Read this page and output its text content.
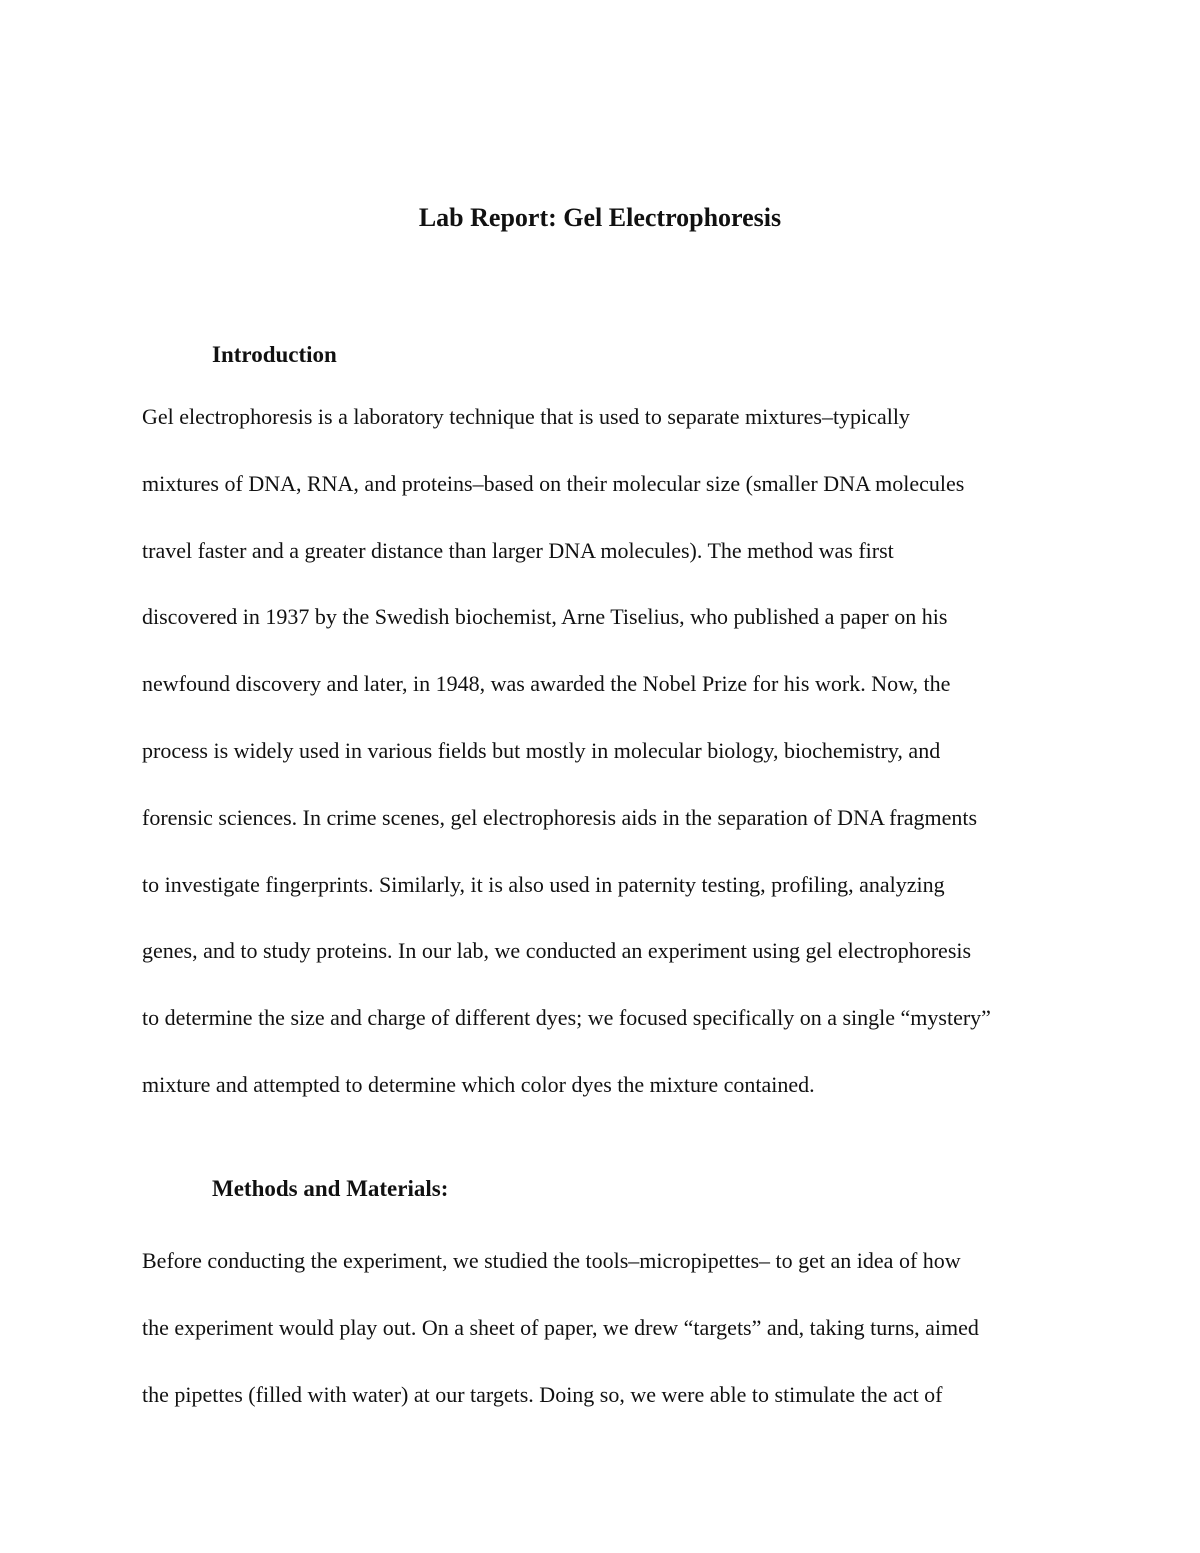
Lab Report: Gel Electrophoresis
Introduction
Gel electrophoresis is a laboratory technique that is used to separate mixtures–typically
mixtures of DNA, RNA, and proteins–based on their molecular size (smaller DNA molecules
travel faster and a greater distance than larger DNA molecules). The method was first
discovered in 1937 by the Swedish biochemist, Arne Tiselius, who published a paper on his
newfound discovery and later, in 1948, was awarded the Nobel Prize for his work. Now, the
process is widely used in various fields but mostly in molecular biology, biochemistry, and
forensic sciences. In crime scenes, gel electrophoresis aids in the separation of DNA fragments
to investigate fingerprints. Similarly, it is also used in paternity testing, profiling, analyzing
genes, and to study proteins. In our lab, we conducted an experiment using gel electrophoresis
to determine the size and charge of different dyes; we focused specifically on a single “mystery”
mixture and attempted to determine which color dyes the mixture contained.
Methods and Materials:
Before conducting the experiment, we studied the tools–micropipettes– to get an idea of how
the experiment would play out. On a sheet of paper, we drew “targets” and, taking turns, aimed
the pipettes (filled with water) at our targets. Doing so, we were able to stimulate the act of
